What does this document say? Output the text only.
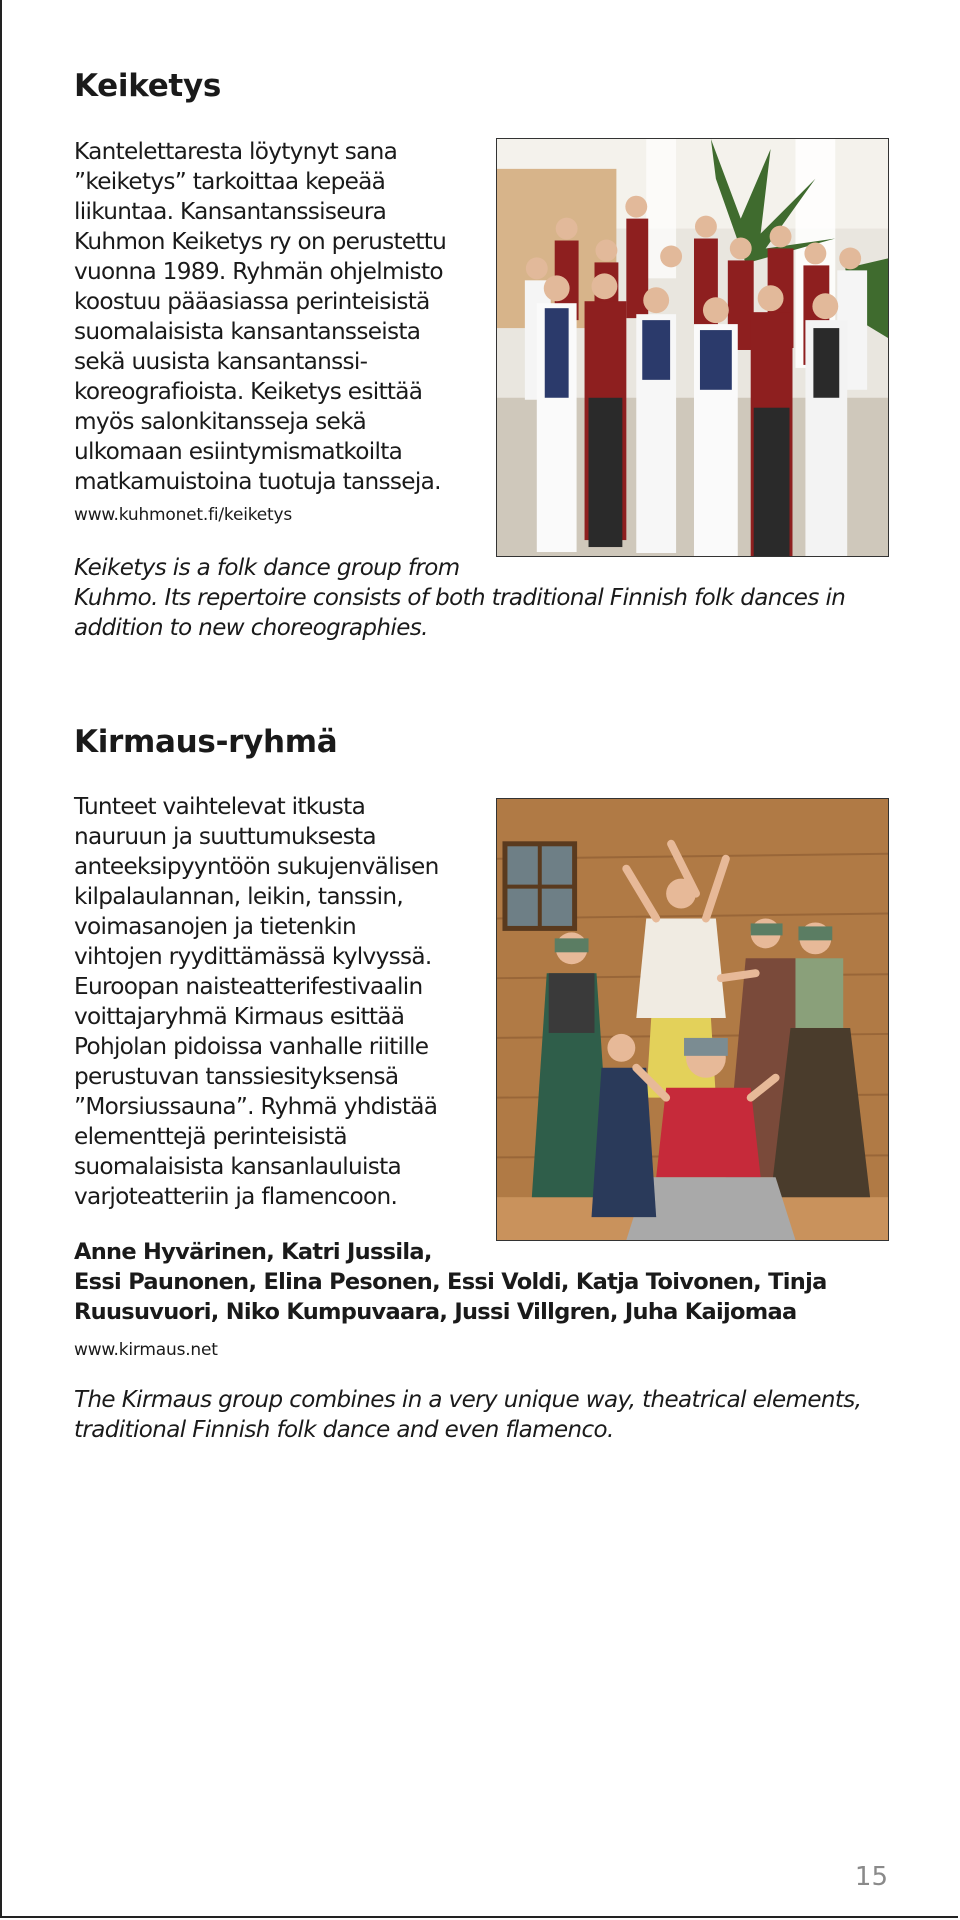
Keiketys

Kantelettaresta löytynyt sana
”keiketys” tarkoittaa kepeää
liikuntaa. Kansantanssiseura
Kuhmon Keiketys ry on perustettu
vuonna 1989. Ryhmän ohjelmisto
koostuu pääasiassa perinteisistä
suomalaisista kansantansseista
sekä uusista kansantanssi-
koreografioista. Keiketys esittää
myös salonkitansseja sekä
ulkomaan esiintymismatkoilta
matkamuistoina tuotuja tansseja.

www.kuhmonet.fi/keiketys

Keiketys is a folk dance group from
Kuhmo. Its repertoire consists of both traditional Finnish folk dances in
addition to new choreographies.

Kirmaus-ryhmä

Tunteet vaihtelevat itkusta
nauruun ja suuttumuksesta
anteeksipyyntöön sukujenvälisen
kilpalaulannan, leikin, tanssin,
voimasanojen ja tietenkin
vihtojen ryydittämässä kylvyssä.
Euroopan naisteatterifestivaalin
voittajaryhmä Kirmaus esittää
Pohjolan pidoissa vanhalle riitille
perustuvan tanssiesityksensä
”Morsiussauna”. Ryhmä yhdistää
elementtejä perinteisistä
suomalaisista kansanlauluista
varjoteatteriin ja flamencoon.

Anne Hyvärinen, Katri Jussila,
Essi Paunonen, Elina Pesonen, Essi Voldi, Katja Toivonen, Tinja
Ruusuvuori, Niko Kumpuvaara, Jussi Villgren, Juha Kaijomaa

www.kirmaus.net

The Kirmaus group combines in a very unique way, theatrical elements,
traditional Finnish folk dance and even flamenco.

15
